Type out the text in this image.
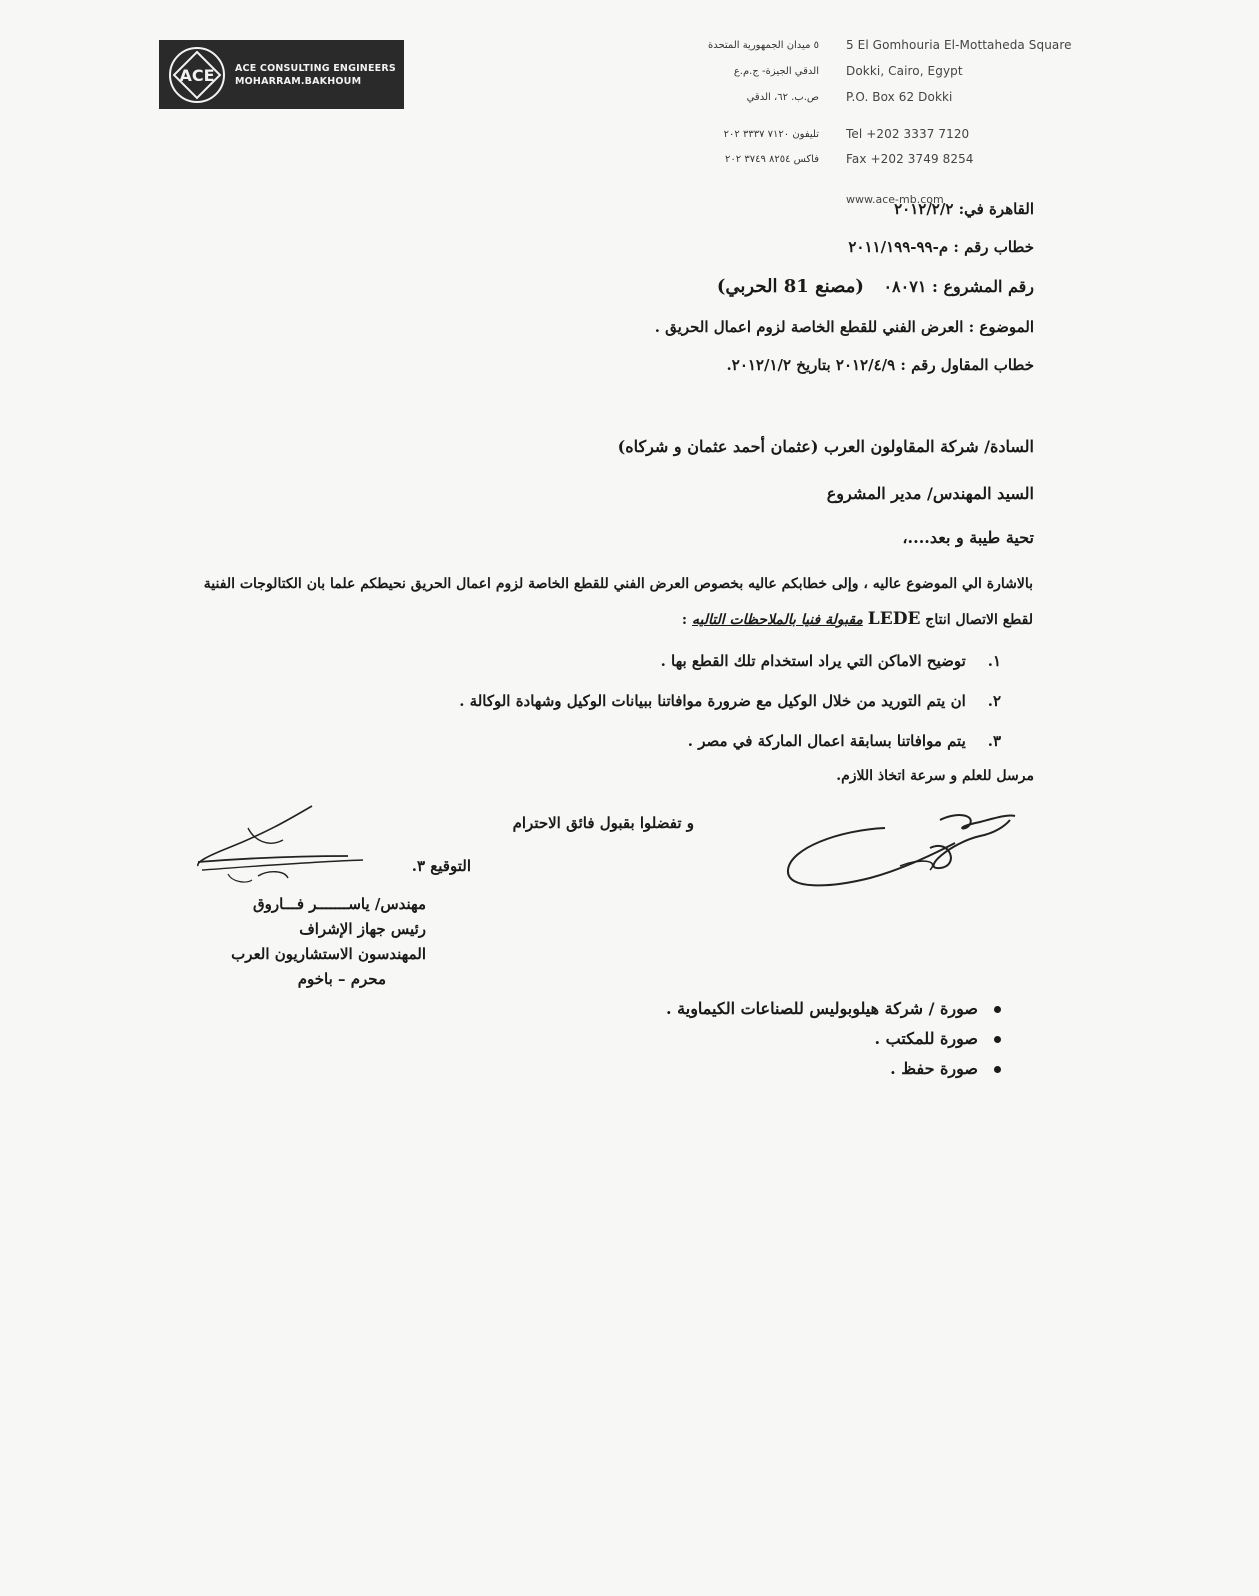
ACE ACE CONSULTING ENGINEERS
MOHARRAM.BAKHOUM
٥ ميدان الجمهورية المتحدة
الدقي الجيزة- ج.م.ع
ص.ب. ٦٢، الدقي
تليفون ٧١٢٠ ٣٣٣٧ ٢٠٢
فاكس ٨٢٥٤ ٣٧٤٩ ٢٠٢
5 El Gomhouria El-Mottaheda Square
Dokki, Cairo, Egypt
P.O. Box 62 Dokki
Tel +202 3337 7120
Fax +202 3749 8254
www.ace-mb.com
القاهرة في: ٢٠١٢/٢/٢
خطاب رقم : م-٩٩-٢٠١١/١٩٩
رقم المشروع : ٠٨٠٧١ (مصنع 81 الحربي)
الموضوع : العرض الفني للقطع الخاصة لزوم اعمال الحريق .
خطاب المقاول رقم : ٢٠١٢/٤/٩ بتاريخ ٢٠١٢/١/٢.
السادة/ شركة المقاولون العرب (عثمان أحمد عثمان و شركاه)
السيد المهندس/ مدير المشروع
تحية طيبة و بعد....،
بالاشارة الي الموضوع عاليه ، وإلى خطابكم عاليه بخصوص العرض الفني للقطع الخاصة لزوم اعمال الحريق نحيطكم علما بان الكتالوجات الفنية
لقطع الاتصال انتاج LEDE مقبولة فنيا بالملاحظات التاليه :
١. توضيح الاماكن التي يراد استخدام تلك القطع بها .
٢. ان يتم التوريد من خلال الوكيل مع ضرورة موافاتنا ببيانات الوكيل وشهادة الوكالة .
٣. يتم موافاتنا بسابقة اعمال الماركة في مصر .
مرسل للعلم و سرعة اتخاذ اللازم.
و تفضلوا بقبول فائق الاحترام
التوقيع ٣.
مهندس/ ياســـــــر فـــاروق
رئيس جهاز الإشراف
المهندسون الاستشاريون العرب
محرم – باخوم
صورة / شركة هيلوبوليس للصناعات الكيماوية .
صورة للمكتب .
صورة حفظ .
